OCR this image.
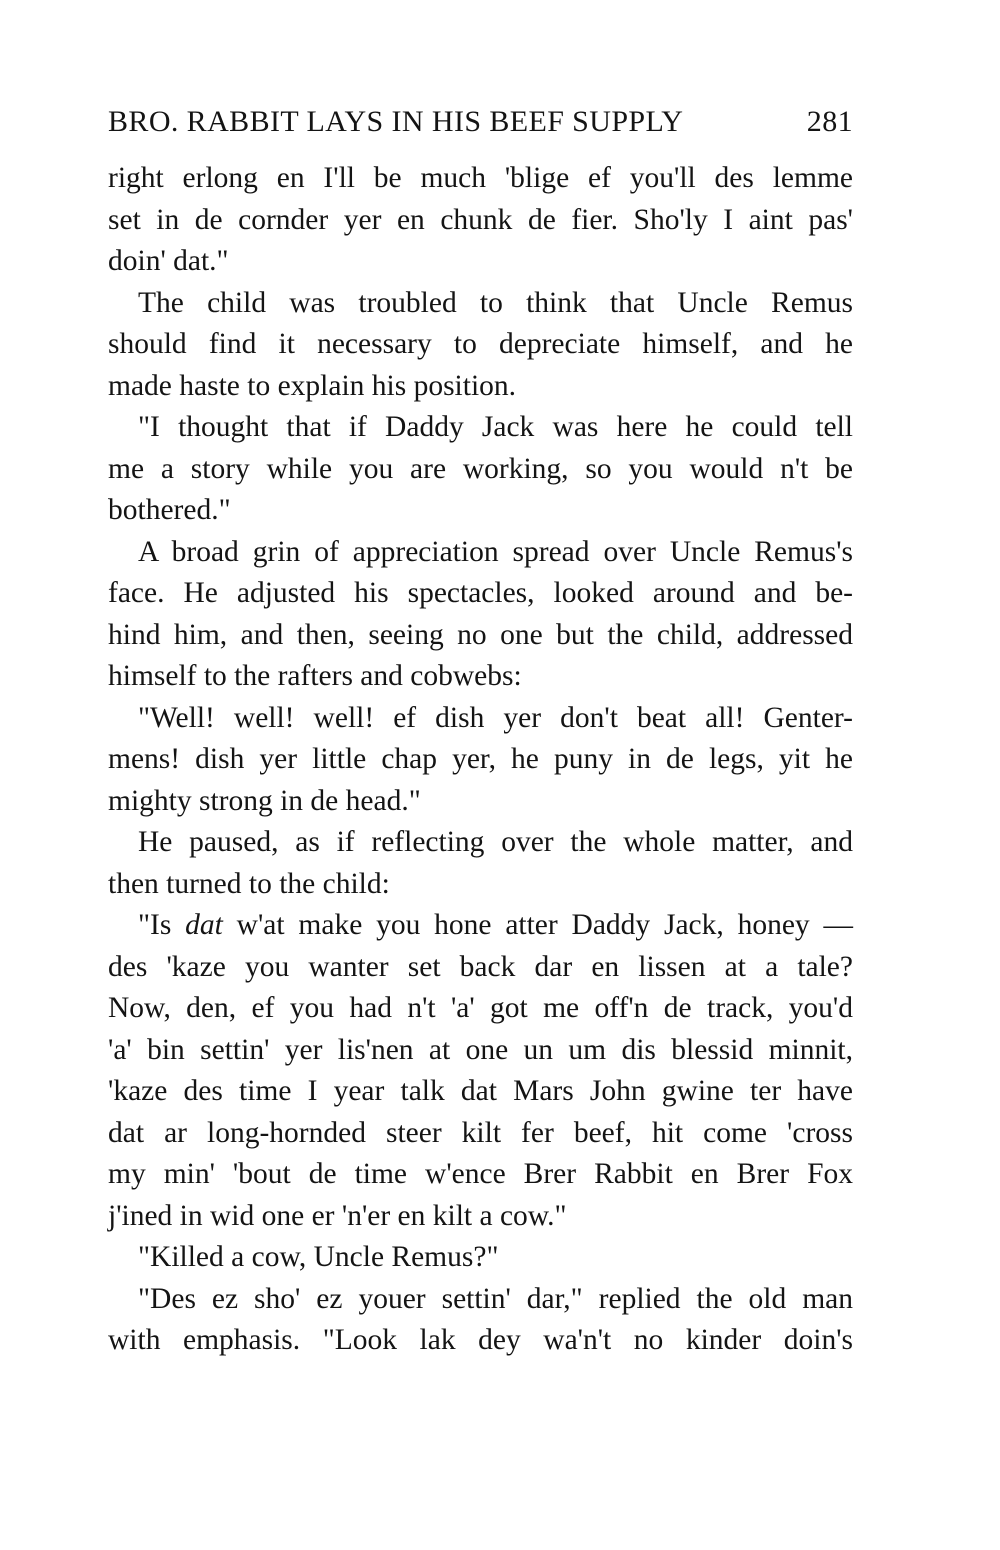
BRO. RABBIT LAYS IN HIS BEEF SUPPLY	281
right erlong en I'll be much 'blige ef you'll des lemme
set in de cornder yer en chunk de fier. Sho'ly I aint pas'
doin' dat."
The child was troubled to think that Uncle Remus
should find it necessary to depreciate himself, and he
made haste to explain his position.
"I thought that if Daddy Jack was here he could tell
me a story while you are working, so you would n't be
bothered."
A broad grin of appreciation spread over Uncle Remus's
face. He adjusted his spectacles, looked around and be-
hind him, and then, seeing no one but the child, addressed
himself to the rafters and cobwebs:
"Well! well! well! ef dish yer don't beat all! Genter-
mens! dish yer little chap yer, he puny in de legs, yit he
mighty strong in de head."
He paused, as if reflecting over the whole matter, and
then turned to the child:
"Is dat w'at make you hone atter Daddy Jack, honey —
des 'kaze you wanter set back dar en lissen at a tale?
Now, den, ef you had n't 'a' got me off'n de track, you'd
'a' bin settin' yer lis'nen at one un um dis blessid minnit,
'kaze des time I year talk dat Mars John gwine ter have
dat ar long-hornded steer kilt fer beef, hit come 'cross
my min' 'bout de time w'ence Brer Rabbit en Brer Fox
j'ined in wid one er 'n'er en kilt a cow."
"Killed a cow, Uncle Remus?"
"Des ez sho' ez youer settin' dar," replied the old man
with emphasis. "Look lak dey wa'n't no kinder doin's
